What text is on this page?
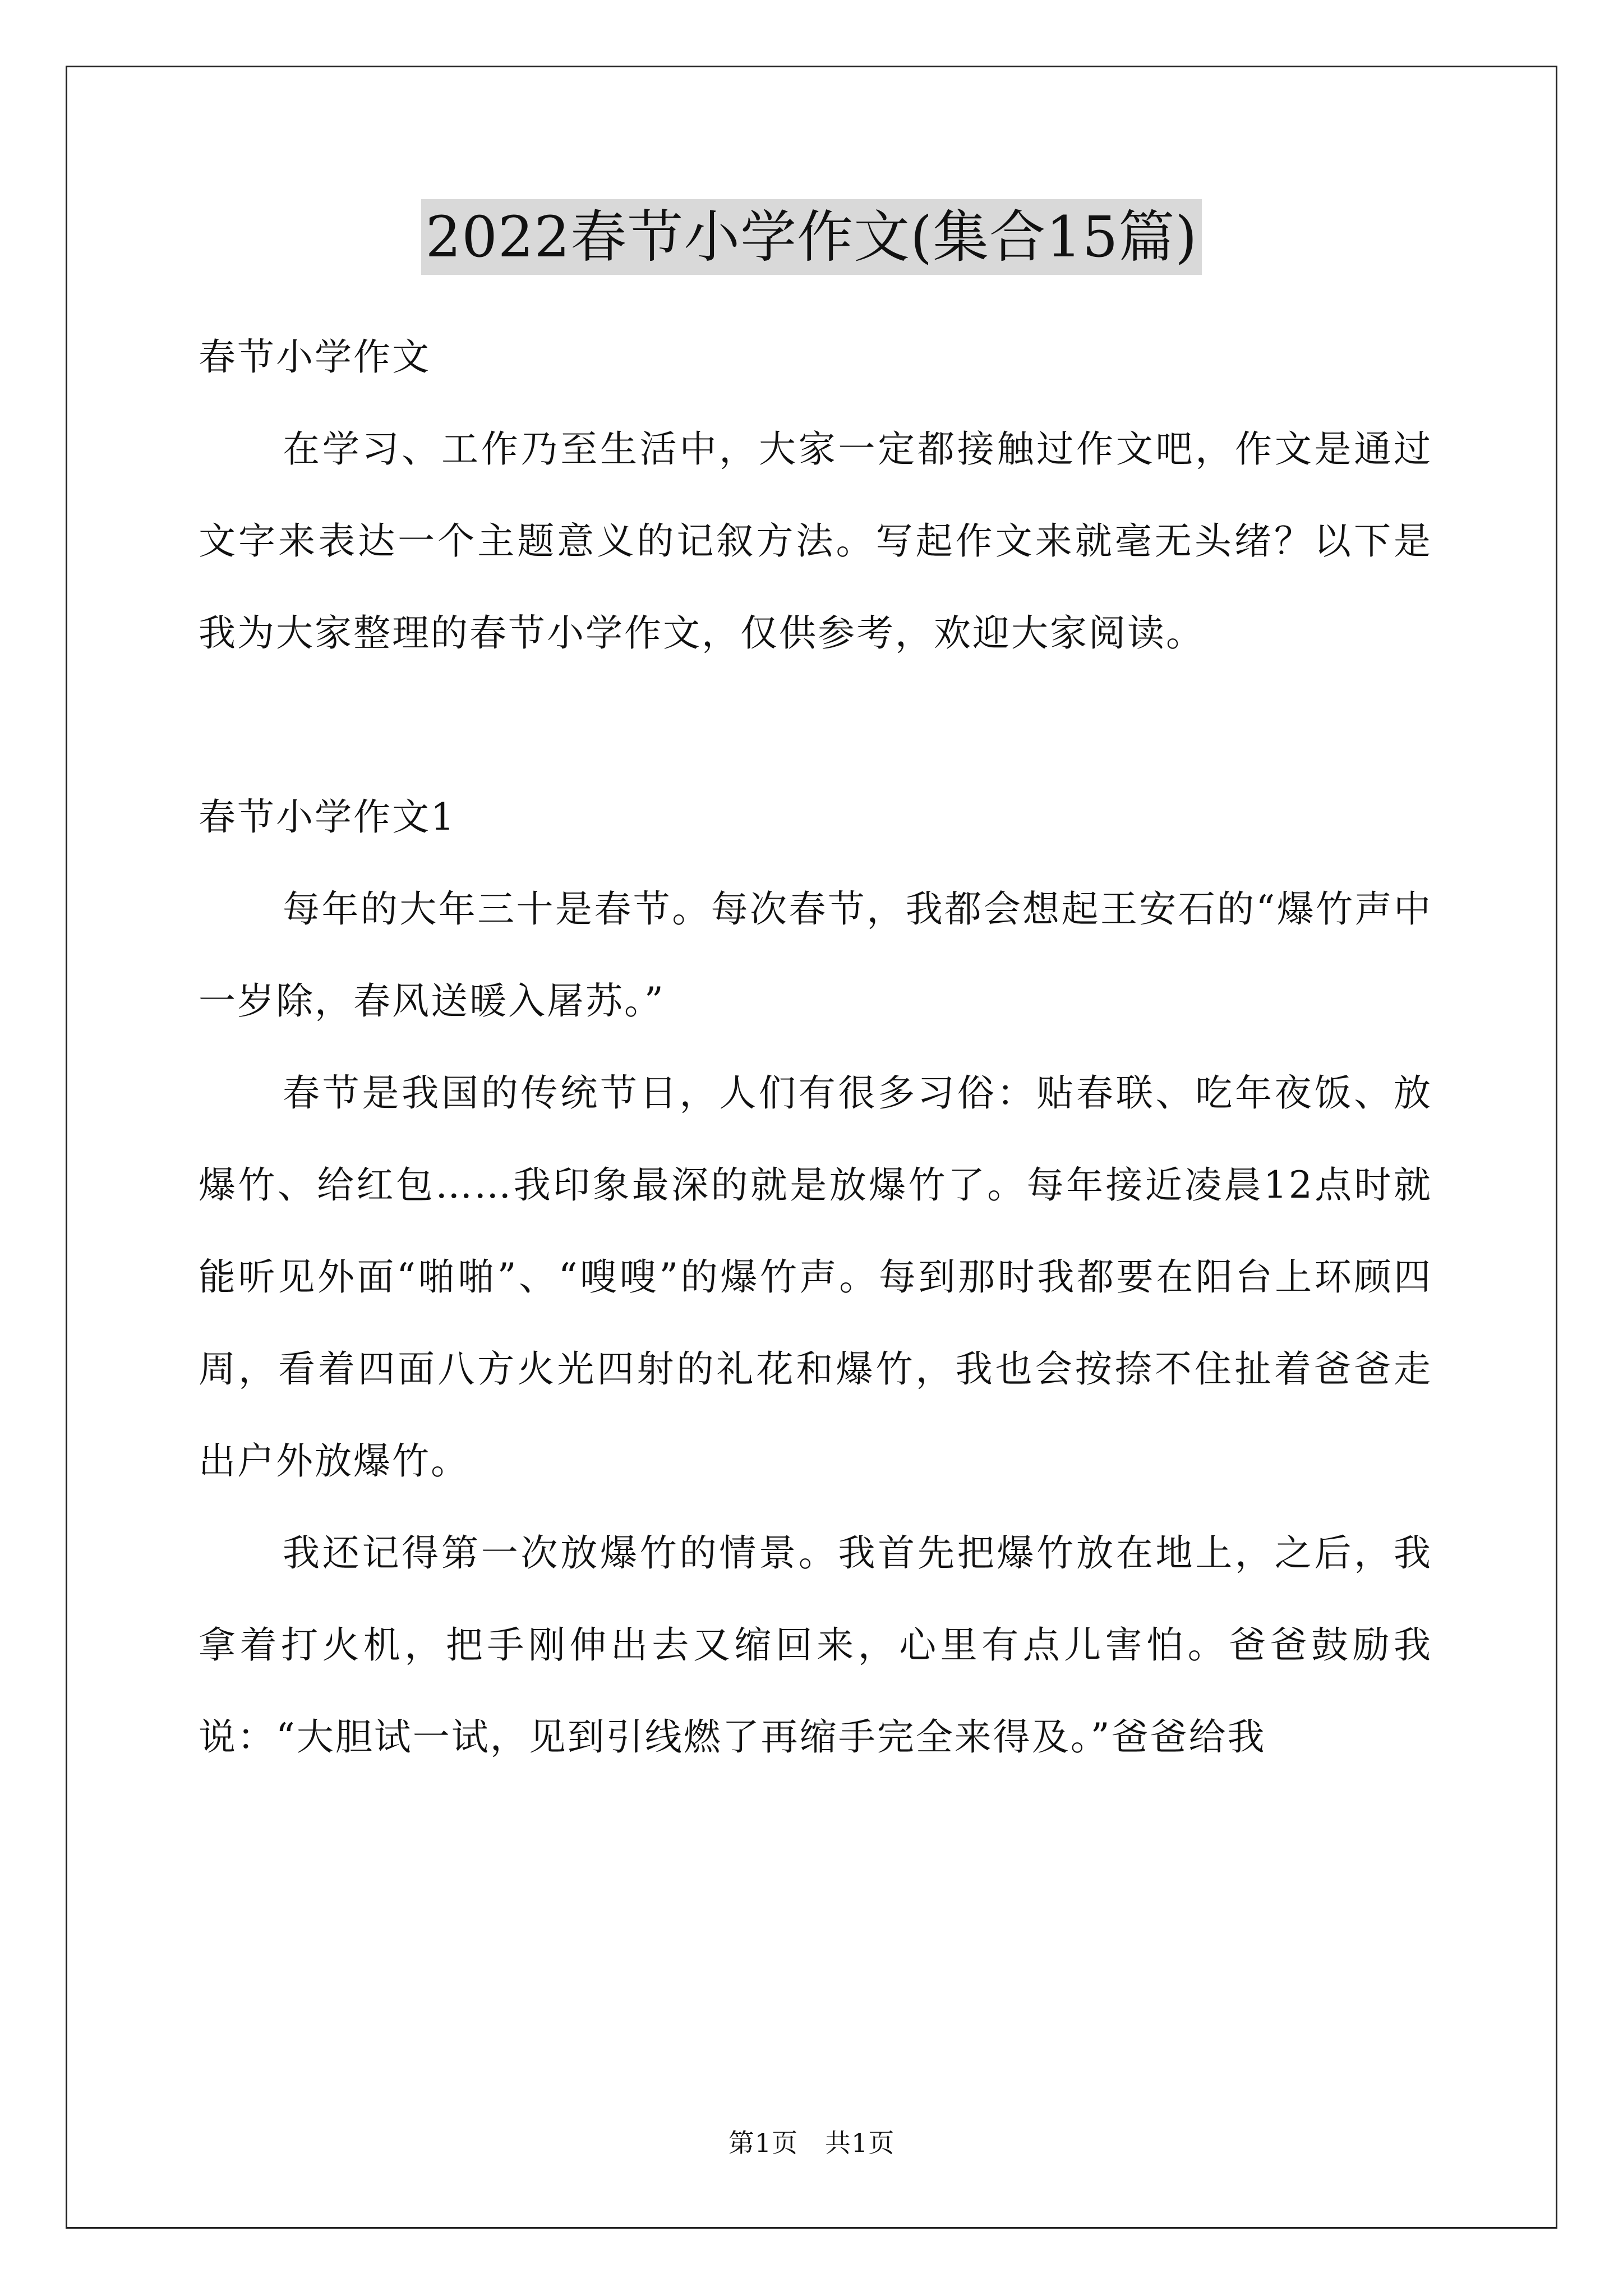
2022春节小学作文(集合15篇)

春节小学作文

在学习、工作乃至生活中，大家一定都接触过作文吧，作文是通过文字来表达一个主题意义的记叙方法。写起作文来就毫无头绪？以下是我为大家整理的春节小学作文，仅供参考，欢迎大家阅读。

春节小学作文1

每年的大年三十是春节。每次春节，我都会想起王安石的“爆竹声中一岁除，春风送暖入屠苏。”

春节是我国的传统节日，人们有很多习俗：贴春联、吃年夜饭、放爆竹、给红包……我印象最深的就是放爆竹了。每年接近凌晨12点时就能听见外面“啪啪”、“嗖嗖”的爆竹声。每到那时我都要在阳台上环顾四周，看着四面八方火光四射的礼花和爆竹，我也会按捺不住扯着爸爸走出户外放爆竹。

我还记得第一次放爆竹的情景。我首先把爆竹放在地上，之后，我拿着打火机，把手刚伸出去又缩回来，心里有点儿害怕。爸爸鼓励我说：“大胆试一试，见到引线燃了再缩手完全来得及。”爸爸给我

第1页 共1页
